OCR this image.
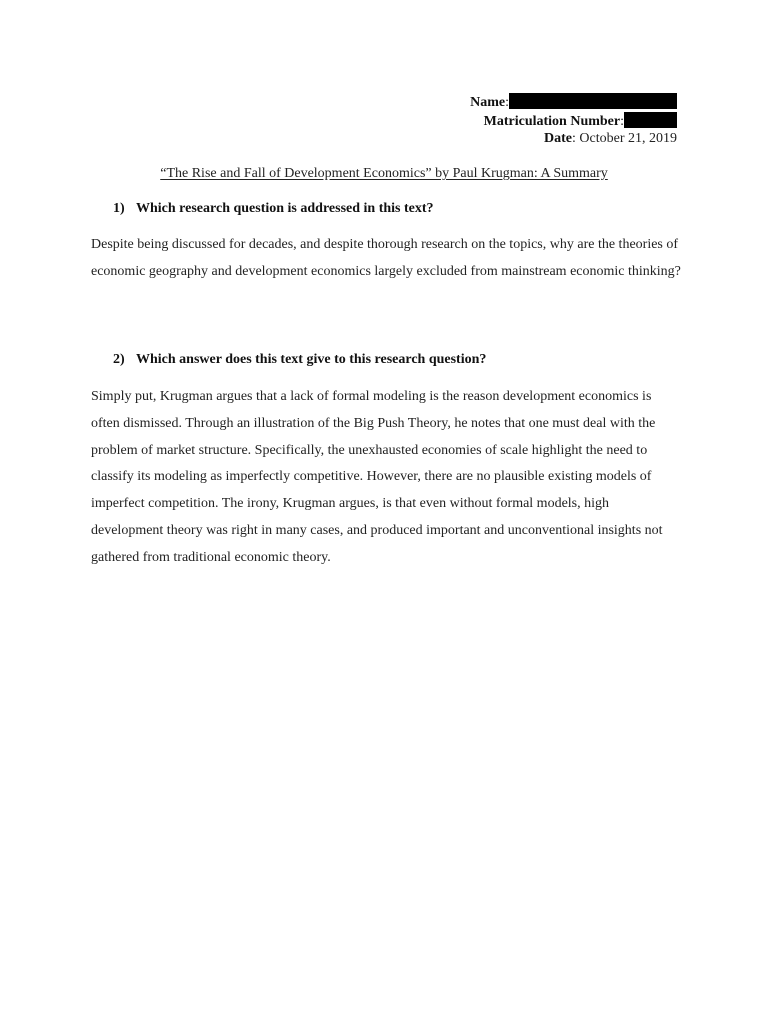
Name:
Matriculation Number:
Date: October 21, 2019
“The Rise and Fall of Development Economics” by Paul Krugman: A Summary
1) Which research question is addressed in this text?

Despite being discussed for decades, and despite thorough research on the topics, why are the theories of economic geography and development economics largely excluded from mainstream economic thinking?

2) Which answer does this text give to this research question?

Simply put, Krugman argues that a lack of formal modeling is the reason development economics is often dismissed. Through an illustration of the Big Push Theory, he notes that one must deal with the problem of market structure. Specifically, the unexhausted economies of scale highlight the need to classify its modeling as imperfectly competitive. However, there are no plausible existing models of imperfect competition. The irony, Krugman argues, is that even without formal models, high development theory was right in many cases, and produced important and unconventional insights not gathered from traditional economic theory.
